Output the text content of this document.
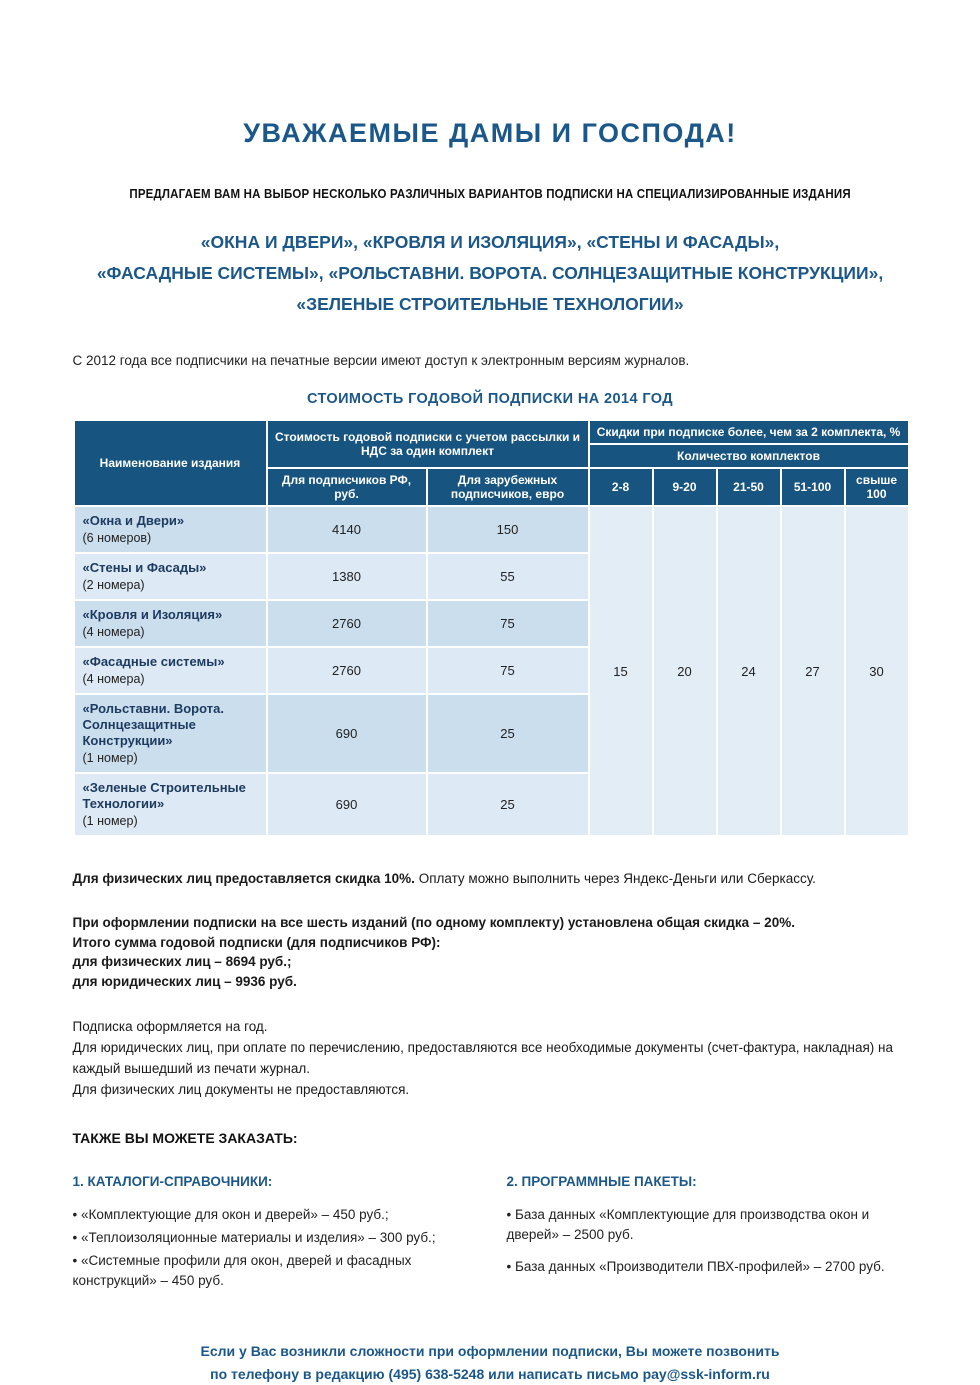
УВАЖАЕМЫЕ ДАМЫ И ГОСПОДА!
ПРЕДЛАГАЕМ ВАМ НА ВЫБОР НЕСКОЛЬКО РАЗЛИЧНЫХ ВАРИАНТОВ ПОДПИСКИ НА СПЕЦИАЛИЗИРОВАННЫЕ ИЗДАНИЯ
«ОКНА И ДВЕРИ», «КРОВЛЯ И ИЗОЛЯЦИЯ», «СТЕНЫ И ФАСАДЫ»,
«ФАСАДНЫЕ СИСТЕМЫ», «РОЛЬСТАВНИ. ВОРОТА. СОЛНЦЕЗАЩИТНЫЕ КОНСТРУКЦИИ»,
«ЗЕЛЕНЫЕ СТРОИТЕЛЬНЫЕ ТЕХНОЛОГИИ»
С 2012 года все подписчики на печатные версии имеют доступ к электронным версиям журналов.
СТОИМОСТЬ ГОДОВОЙ ПОДПИСКИ НА 2014 ГОД
Наименование издания	Стоимость годовой подписки с учетом рассылки и НДС за один комплект		Скидки при подписке более, чем за 2 комплекта, %				
			Количество комплектов				
	Для подписчиков РФ, руб.	Для зарубежных подписчиков, евро	2-8	9-20	21-50	51-100	свыше 100

«Окна и Двери»
(6 номеров)	4140	150	15	20	24	27	30

«Стены и Фасады»
(2 номера)	1380	55					

«Кровля и Изоляция»
(4 номера)	2760	75					

«Фасадные системы»
(4 номера)	2760	75					

«Рольставни. Ворота. Солнцезащитные Конструкции»
(1 номер)	690	25					

«Зеленые Строительные Технологии»
(1 номер)	690	25					
Для физических лиц предоставляется скидка 10%. Оплату можно выполнить через Яндекс-Деньги или Сберкассу.
При оформлении подписки на все шесть изданий (по одному комплекту) установлена общая скидка – 20%.
Итого сумма годовой подписки (для подписчиков РФ):
для физических лиц – 8694 руб.;
для юридических лиц – 9936 руб.
Подписка оформляется на год.
Для юридических лиц, при оплате по перечислению, предоставляются все необходимые документы (счет-фактура, накладная) на каждый вышедший из печати журнал.
Для физических лиц документы не предоставляются.
ТАКЖЕ ВЫ МОЖЕТЕ ЗАКАЗАТЬ:
1. КАТАЛОГИ-СПРАВОЧНИКИ:
• «Комплектующие для окон и дверей» – 450 руб.;
• «Теплоизоляционные материалы и изделия» – 300 руб.;
• «Системные профили для окон, дверей и фасадных конструкций» – 450 руб.
2. ПРОГРАММНЫЕ ПАКЕТЫ:
• База данных «Комплектующие для производства окон и дверей» – 2500 руб.
• База данных «Производители ПВХ-профилей» – 2700 руб.
Если у Вас возникли сложности при оформлении подписки, Вы можете позвонить
по телефону в редакцию (495) 638-5248 или написать письмо pay@ssk-inform.ru
